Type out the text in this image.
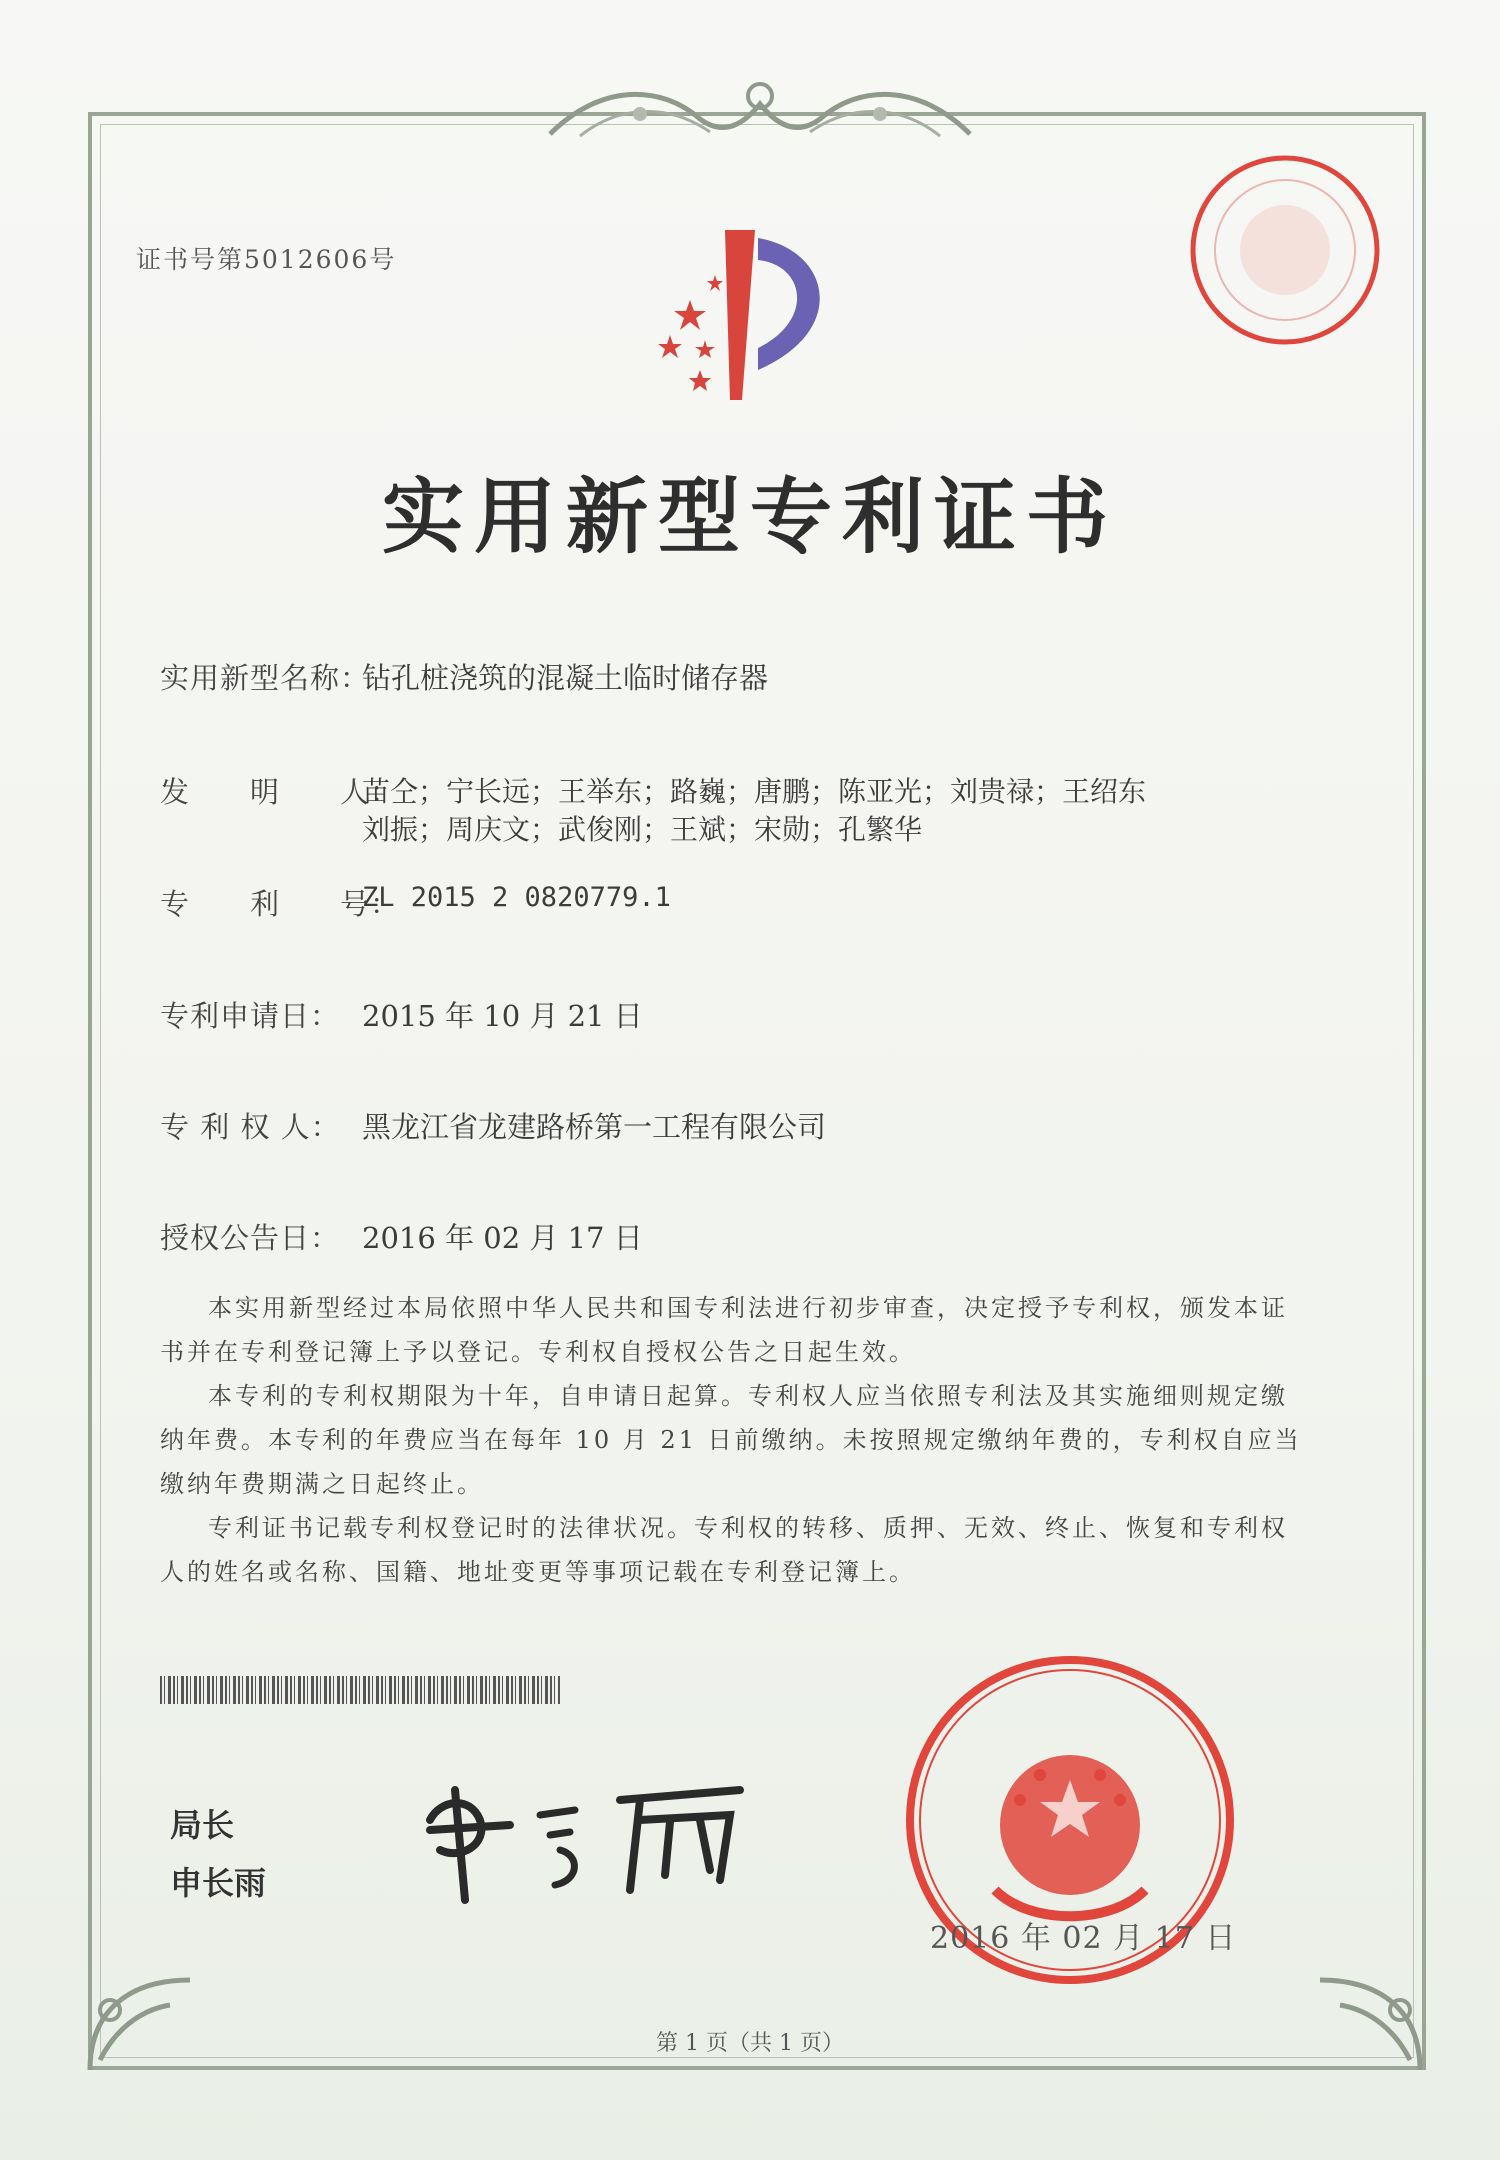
证书号第5012606号
实用新型专利证书
实用新型名称：
钻孔桩浇筑的混凝土临时储存器
发　　明　　人：
苗仝；宁长远；王举东；路巍；唐鹏；陈亚光；刘贵禄；王绍东
刘振；周庆文；武俊刚；王斌；宋勋；孔繁华
专　　利　　号：
ZL 2015 2 0820779.1
专利申请日： 2015 年 10 月 21 日
专 利 权 人： 黑龙江省龙建路桥第一工程有限公司
授权公告日： 2016 年 02 月 17 日

本实用新型经过本局依照中华人民共和国专利法进行初步审查，决定授予专利权，颁发本证书并在专利登记簿上予以登记。专利权自授权公告之日起生效。

本专利的专利权期限为十年，自申请日起算。专利权人应当依照专利法及其实施细则规定缴纳年费。本专利的年费应当在每年 10 月 21 日前缴纳。未按照规定缴纳年费的，专利权自应当缴纳年费期满之日起终止。

专利证书记载专利权登记时的法律状况。专利权的转移、质押、无效、终止、恢复和专利权人的姓名或名称、国籍、地址变更等事项记载在专利登记簿上。

局长
申长雨
2016 年 02 月 17 日
第 1 页（共 1 页）
